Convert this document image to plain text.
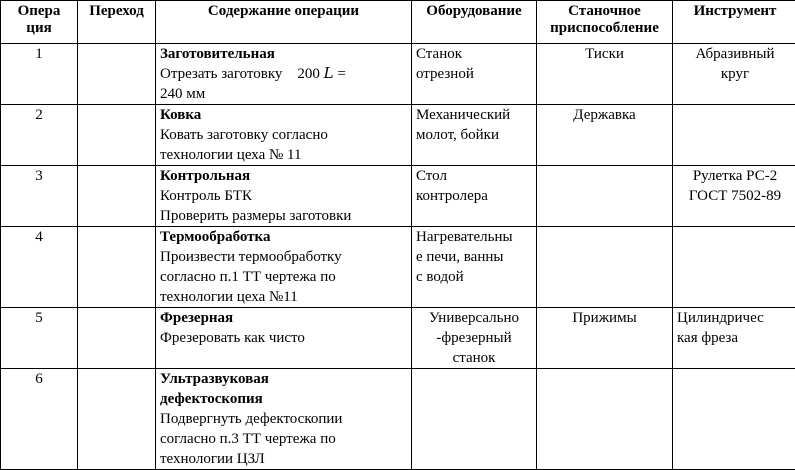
Опера
ция	Переход	Содержание операции	Оборудование	Станочное
приспособление	Инструмент
1		Заготовительная
Отрезать заготовку    200 𝐿 =
240 мм	Станок
отрезной	Тиски	Абразивный
круг
2		Ковка
Ковать заготовку согласно
технологии цеха № 11	Механический
молот, бойки	Державка	
3		Контрольная
Контроль БТК
Проверить размеры заготовки	Стол
контролера		Рулетка РС-2
ГОСТ 7502-89
4		Термообработка
Произвести термообработку
согласно п.1 ТТ чертежа по
технологии цеха №11	Нагревательны
е печи, ванны
с водой		
5		Фрезерная
Фрезеровать как чисто	Универсально
-фрезерный
станок	Прижимы	Цилиндричес
кая фреза
6		Ультразвуковая
дефектоскопия
Подвергнуть дефектоскопии
согласно п.3 ТТ чертежа по
технологии ЦЗЛ			
